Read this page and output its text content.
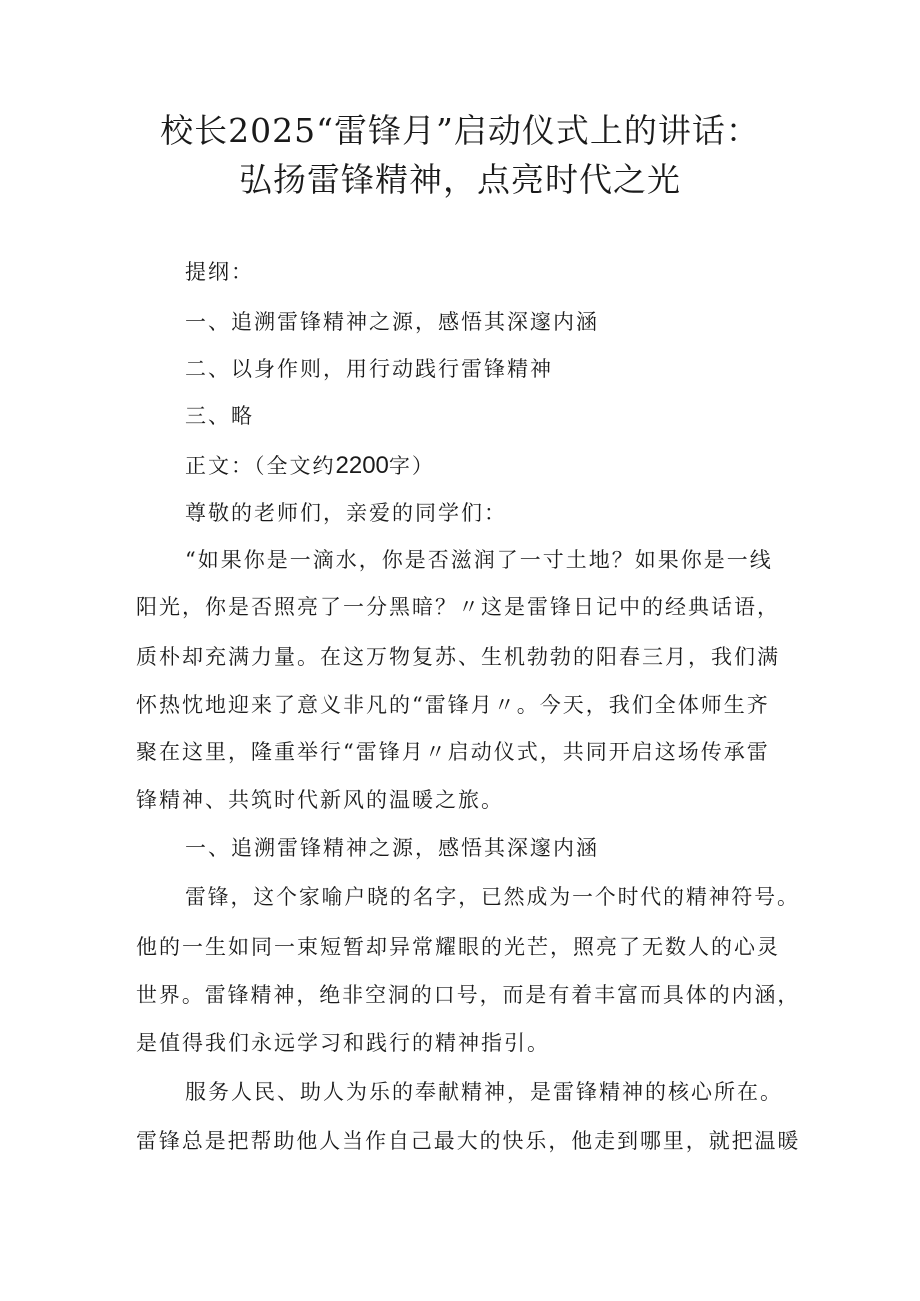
校长2025“雷锋月”启动仪式上的讲话：
弘扬雷锋精神，点亮时代之光
提纲：
一、追溯雷锋精神之源，感悟其深邃内涵
二、以身作则，用行动践行雷锋精神
三、略
正文：（全文约2200字）
尊敬的老师们，亲爱的同学们：
“如果你是一滴水，你是否滋润了一寸土地？如果你是一线
阳光，你是否照亮了一分黑暗？〃这是雷锋日记中的经典话语，
质朴却充满力量。在这万物复苏、生机勃勃的阳春三月，我们满
怀热忱地迎来了意义非凡的“雷锋月〃。今天，我们全体师生齐
聚在这里，隆重举行“雷锋月〃启动仪式，共同开启这场传承雷
锋精神、共筑时代新风的温暖之旅。
一、追溯雷锋精神之源，感悟其深邃内涵
雷锋，这个家喻户晓的名字，已然成为一个时代的精神符号。
他的一生如同一束短暂却异常耀眼的光芒，照亮了无数人的心灵
世界。雷锋精神，绝非空洞的口号，而是有着丰富而具体的内涵，
是值得我们永远学习和践行的精神指引。
服务人民、助人为乐的奉献精神，是雷锋精神的核心所在。
雷锋总是把帮助他人当作自己最大的快乐，他走到哪里，就把温暖
